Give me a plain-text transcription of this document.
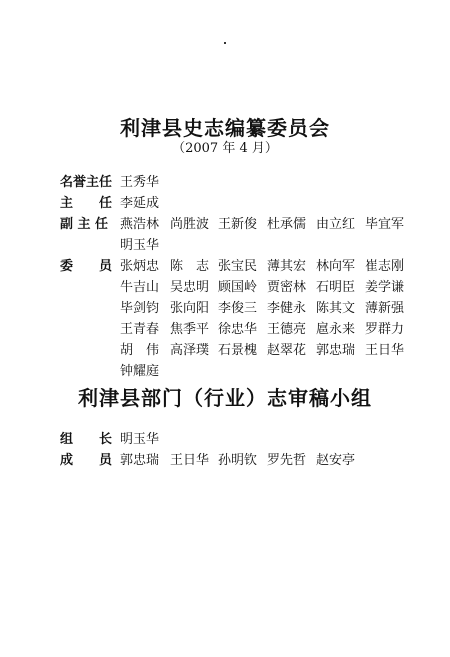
利津县史志编纂委员会
（2007 年 4 月）
名誉主任 王秀华
主　　任 李延成
副 主 任 燕浩林 尚胜波 王新俊 杜承儒 由立红 毕宜军
明玉华
委　　员 张炳忠 陈　志 张宝民 薄其宏 林向军 崔志刚
牛吉山 吴忠明 顾国岭 贾密林 石明臣 姜学谦
毕剑钧 张向阳 李俊三 李健永 陈其文 薄新强
王青春 焦季平 徐忠华 王德亮 扈永来 罗群力
胡　伟 高泽璞 石景槐 赵翠花 郭忠瑞 王日华
钟耀庭
利津县部门（行业）志审稿小组
组　　长 明玉华
成　　员 郭忠瑞 王日华 孙明钦 罗先哲 赵安亭
